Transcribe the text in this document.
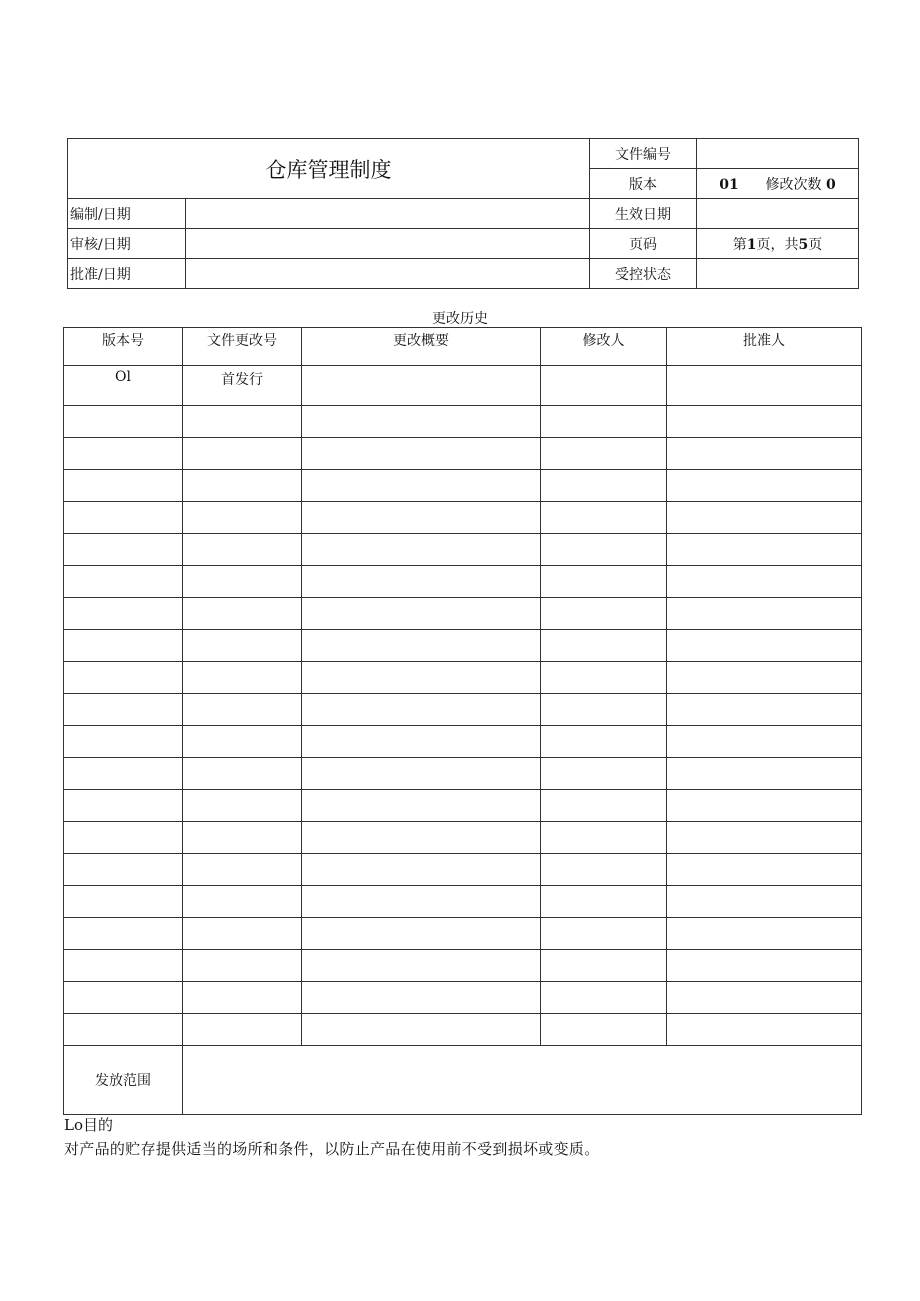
仓库管理制度		文件编号	
		版本	01 修改次数 0
编制/日期		生效日期	
审核/日期		页码	第1页，共5页
批准/日期		受控状态	
更改历史
版本号	文件更改号	更改概要	修改人	批准人
Ol	首发行			

发放范围				
Lo目的
对产品的贮存提供适当的场所和条件，以防止产品在使用前不受到损坏或变质。
